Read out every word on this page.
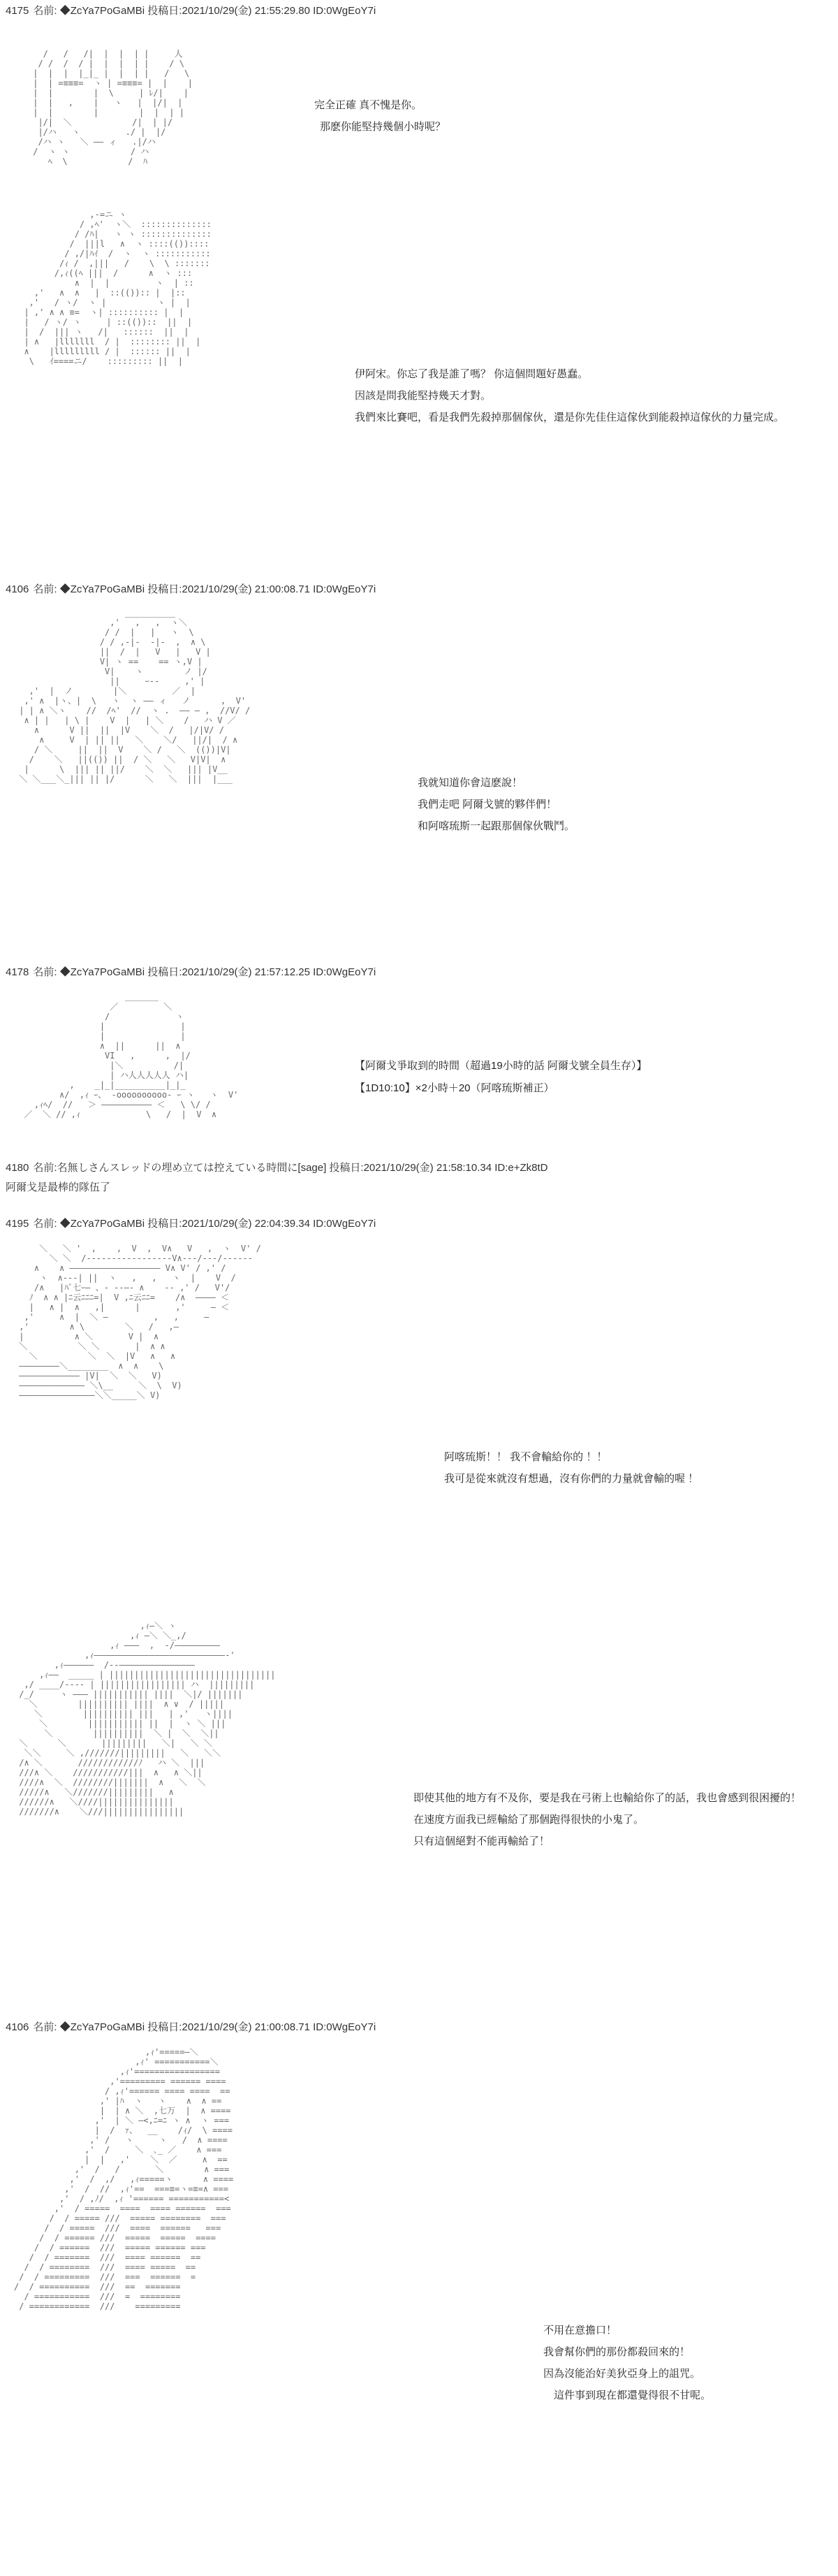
4175 名前: ◆ZcYa7PoGaMBi 投稿日:2021/10/29(金) 21:55:29.80 ID:0WgEoY7i
/   /   /|  |  |  | |     人
/ /  /  / |  |  |  | |    / \
|  |  |  |_|_ |  |  | |   /   \
|  | =≡≡≡=  ヽ | =≡≡≡= |  |    |
|  |        |  \     | ﾚ/|    |
|  |   ,    |   ヽ   |  |/|  |
|  |        |        |  |  | |
|/|  ＼            /|  | |/
|/ハ   ヽ         ./ |  |/
/ハ ヽ   ＼ ―― ィ   .|/ハ
/  ヽ ヽ            / ハ
ﾍ  \            /  ﾊ
完全正確 真不愧是你。
那麽你能堅持幾個小時呢？
,-=ニ ヽ
/ ,ﾍ'  ヽ＼  ::::::::::::::
/ /ﾊ|   ヽ ヽ ::::::::::::::
/  |||l   ∧  ヽ ::::(())::::
/ ,/|ﾊｲ  /  ヽ  ヽ :::::::::::
/ｨ /  ,|||   /    \  \ :::::::
/,ｨ((ﾍ |||  /      ∧  ヽ :::
∧  |  |         ヽ  | ::
,'   ∧  ∧   |  ::(()):: |  |::
,'   / ヽ/  ヽ |          ヽ |  |
| ,' ∧ ∧ ≡=  ヽ| :::::::::: |  |
|   / ヽ/ ヽ     | ::(())::  ||  |
|  /  ||| ヽ   /|   ::::::  ||  |
| ∧   |lllllll  / |  :::::::: ||  |
∧    |lllllllll / |  :::::: ||  |
\   ｲ====ニ/    ::::::::: ||  |
伊阿宋。你忘了我是誰了嗎？ 你這個問題好愚蠢。
因該是問我能堅持幾天才對。
我們來比賽吧，看是我們先殺掉那個傢伙，還是你先佳住這傢伙到能殺掉這傢伙的力量完成。
4106 名前: ◆ZcYa7PoGaMBi 投稿日:2021/10/29(金) 21:00:08.71 ID:0WgEoY7i
__________
,'   ,   ,  ヽ＼
/ /  |   |   ヽ  \
/ / ,-|-  -|-  ,  ∧ \
||  /  |   V   |   V |
V| ヽ ==    == ヽ,V |
V|    ヽ        ノ |/
||     ｰ-‐     ,' |
,'  |  ノ        |＼         ／  |
,' ∧  |ヽ、|  \   ヽ  ヽ ―― ィ   ノ      ,  V'
| | ∧ ＼ヽ    //  /ﾍ'  //  ヽ .  ―― ― ,  //V/ /
∧ | |   | \ |    V  |   | ＼    /   ハ V ／
∧      V ||  ||  |V    ＼  /   |/|V/ /
∧     V  | || ||   ＼    ＼/   ||/|  / ∧
/ ＼     ||  ||  V    ＼ /   ＼  (())|V|
/    ＼   ||(()) ||  / ＼   ＼   V|V|  ∧
|      \  ||| || ||/    ＼  ＼   ||| |V__
＼ ＼___＼_||| || |/      ＼   ＼  |||  |___	我就知道你會這麽說！
我們走吧 阿爾戈號的夥伴們！
和阿喀琉斯一起跟那個傢伙戰鬥。
4178 名前: ◆ZcYa7PoGaMBi 投稿日:2021/10/29(金) 21:57:12.25 ID:0WgEoY7i
＿＿＿＿
／         ＼
/             ヽ
|               |
|               |
∧  ||      ||  ∧
VI   ,      ,  |/
|＼          /|
| ハ人人人人人 ハ|
,    _|_|__________|_|_
∧/  ,ｨ ｰ、 -oooooooooo- ｰ ヽ   ヽ  V'
,ｨﾍ/  //   ＞ ―――――――――― ＜   \ \/ /
／  ＼ // ,ｨ             \   /  |  V  ∧
【阿爾戈爭取到的時間（超過19小時的話 阿爾戈號全員生存）】
【1D10:10】×2小時＋20（阿喀琉斯補正）
4180 名前:名無しさんスレッドの埋め立ては控えている時間に[sage] 投稿日:2021/10/29(金) 21:58:10.34 ID:e+Zk8tD
阿爾戈是最棒的隊伍了
4195 名前: ◆ZcYa7PoGaMBi 投稿日:2021/10/29(金) 22:04:39.34 ID:0WgEoY7i
＼   ＼ '  ,    ,  V  ,  V∧   V   ,  ヽ  V' /
＼ ＼  /‐‐‐‐‐‐‐‐‐‐‐‐‐‐‐‐‐V∧‐‐‐/‐‐‐/‐‐‐‐‐-
∧    ∧ ―――――――――――――――――― V∧ V' / ,' /
ヽ  ∧‐‐‐| ||  ヽ   ,   ,   ヽ  |    V  /
/∧   |ﾊﾞ七ｰ― 、‐ --―‐ ∧    ‐‐ ,' /   V'/
ﾉ  ∧ ∧ |ﾆ云ﾆﾆﾆ=|  V ,ﾆ云ﾆﾆ=    /∧  ―――― ＜
|   ∧ |  ∧   ,|      |       ,'     ― ＜
,'     ∧  |  ＼ ―         ,   ,     ―
,'        ∧ \        ＼   /   ,―
|          ∧ ＼       V |  ∧
＼          ＼ ＼       |  ∧ ∧
＼          ＼  ＼  |V   ∧   ∧
――――――――＼________  ∧  ∧    \
―――――――――――― |V|  ＼  ＼   V)
――――――――――――― ＼\__     ＼  \  V)
―――――――――――――――＼＼_____＼ V)
阿喀琉斯！！ 我不會輸給你的 ！！
我可是從來就沒有想過，沒有你們的力量就會輸的喔 ！
,ｨ―＼ ヽ
,ｨ ―＼ ＼_,/
,ｨ ―――  ,  ‐/―――――――――
,ｨ――――――――――――――――――――――――――‐'
,ｨ――――――  /‐‐―――――――――――――――
,ｨ――  _____ | |||||||||||||||||||||||||||||||||
,/ ____/‐‐‐‐ | ||||||||||||||||| ハ  |||||||||
/_/     ヽ ――― ||||||||||| ||||  ＼|/ |||||||
＼        |||||||||| ||||  ∧ ∨  / |||||
＼        |||||||||| |||   | ,'   ヽ||||
＼        ||||||||||| ||  |  ヽ ＼ |||
＼        ||||||||||  ＼ |  ＼  ＼||
＼      ＼       |||||||||   ＼|   ＼ ＼
＼＼     ＼ ,///////|||||||||   ＼   ＼＼
/∧ ＼       ////////////ﾉ   ハ ＼  |||
///∧ ＼    ///////////|||  ∧   ∧ ＼||
////∧  ＼  ////////|||||||  ∧   ＼  ＼
/////∧   ＼///////|||||||||   ∧
//////∧   ＼////|||||||||||||||
///////∧    ＼///||||||||||||||||
即使其他的地方有不及你，要是我在弓術上也輸給你了的話，我也會感到很困擾的！
在速度方面我已經輸給了那個跑得很快的小鬼了。
只有這個絕對不能再輸給了！
4106 名前: ◆ZcYa7PoGaMBi 投稿日:2021/10/29(金) 21:00:08.71 ID:0WgEoY7i
,ｨ'=====―＼
,ｨ' ===========＼
,ｨ'=================
,'========= ====== ====
/ ,ｨ'====== ==== ====  ==
,' |ﾊ  ヽ   ヽ    ∧  ∧ ==
|  | ∧ ＼  ,七万  |  ∧ ====
,'  | ＼ ―<,ﾆ=ﾆ ヽ ∧  ヽ ===
|  /  ｧ、  __    /ｨ/  \ ====
,' /   ヽ     ヽ   /  ∧ ====
,'  /     ＼  ､_ ／    ∧ ===
|  |   ,'    ＼  ／     ∧  ==
,'  /   /       ＼        ∧ ===
,'  /  ,/   ,ｨ=====ヽ      ∧ ====
,'  /  //  ,ｨ'==  ===≡=ヽ=≡=∧ ===
,'  / ,ﾉ/  ,ｨ '====== ===========<
,'  / =====  ====  ==== ======  ===
/  / ===== ///  ===== ========  ===
/  / =====  ///  ====  ======   ===
/  / ====== ///  =====  =====  ====
/  / ======  ///  ===== ====== ===
/  / =======  ///  ==== ======  ==
/  / ========  ///  ==== =====  ==
/  / =========  ///  ===  ======  =
/  / ==========  ///  ==  =======
/ ===========  ///  =  ========
/ ============  ///    =========
不用在意擔口！
我會幫你們的那份都殺回來的！
因為沒能治好美狄亞身上的詛咒。
　這件事到現在都還覺得很不甘呢。
